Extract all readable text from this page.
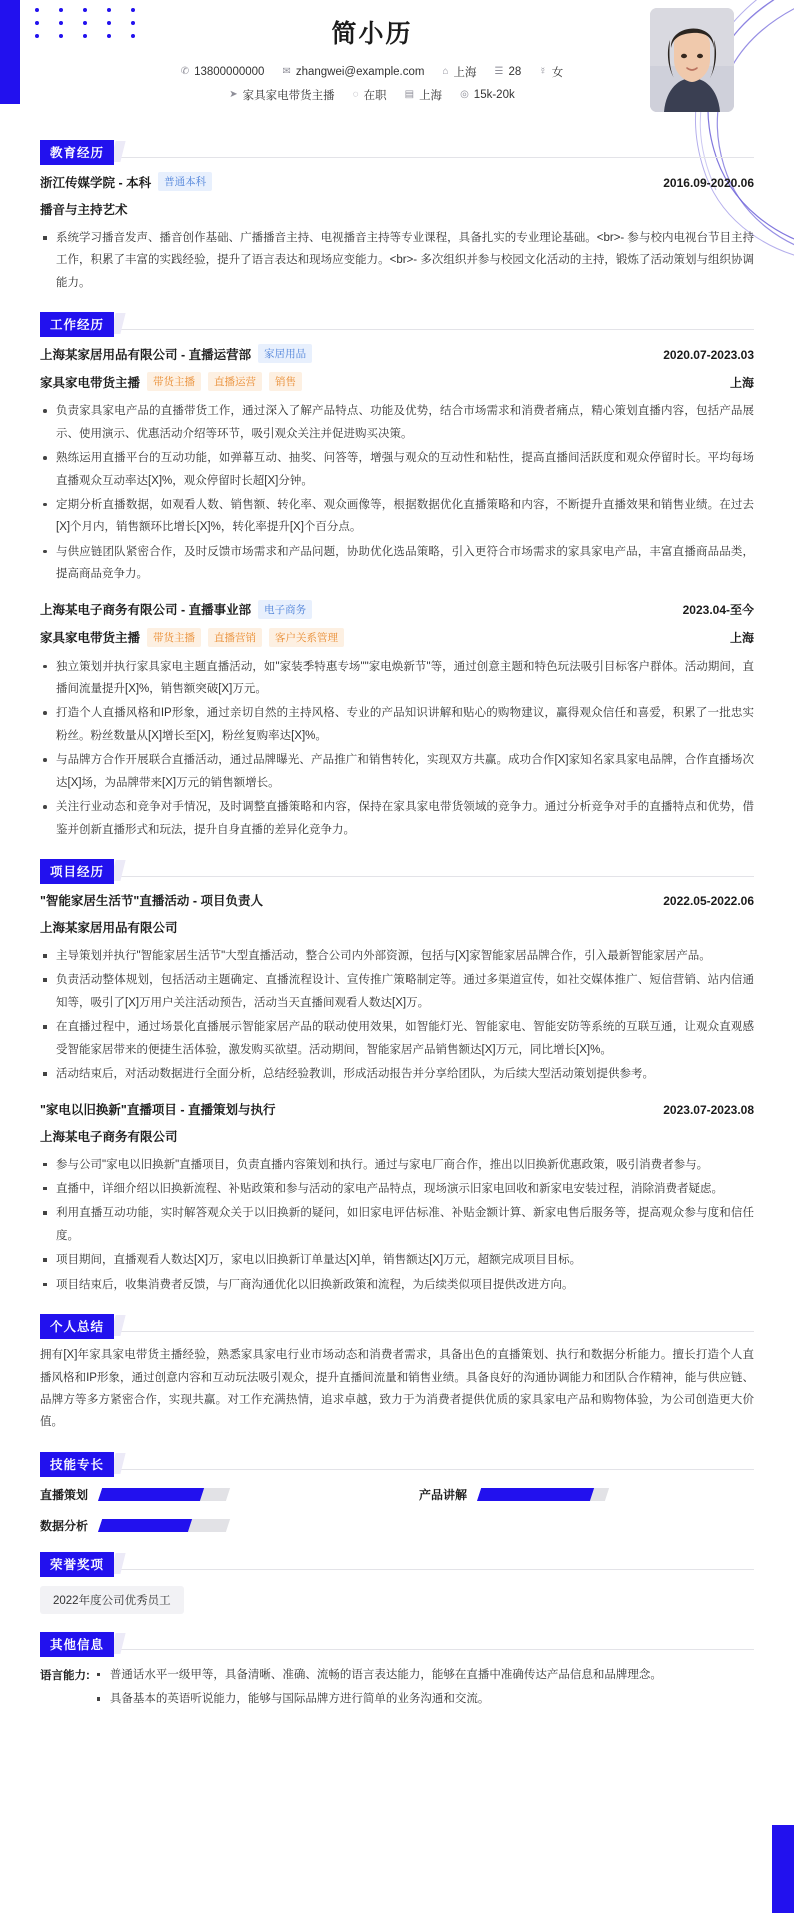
简小历
✆ 13800000000 ✉ zhangwei@example.com ⌂ 上海 ☰ 28 ☿ 女
➤ 家具家电带货主播 ◌ 在职 ▤ 上海 ◎ 15k-20k
教育经历
浙江传媒学院 - 本科	普通本科	2016.09-2020.06
播音与主持艺术
系统学习播音发声、播音创作基础、广播播音主持、电视播音主持等专业课程，具备扎实的专业理论基础。<br>- 参与校内电视台节目主持工作，积累了丰富的实践经验，提升了语言表达和现场应变能力。<br>- 多次组织并参与校园文化活动的主持，锻炼了活动策划与组织协调能力。
工作经历
上海某家居用品有限公司 - 直播运营部	家居用品	2020.07-2023.03
家具家电带货主播	带货主播	直播运营	销售	上海
负责家具家电产品的直播带货工作，通过深入了解产品特点、功能及优势，结合市场需求和消费者痛点，精心策划直播内容，包括产品展示、使用演示、优惠活动介绍等环节，吸引观众关注并促进购买决策。
熟练运用直播平台的互动功能，如弹幕互动、抽奖、问答等，增强与观众的互动性和粘性，提高直播间活跃度和观众停留时长。平均每场直播观众互动率达[X]%，观众停留时长超[X]分钟。
定期分析直播数据，如观看人数、销售额、转化率、观众画像等，根据数据优化直播策略和内容，不断提升直播效果和销售业绩。在过去[X]个月内，销售额环比增长[X]%，转化率提升[X]个百分点。
与供应链团队紧密合作，及时反馈市场需求和产品问题，协助优化选品策略，引入更符合市场需求的家具家电产品，丰富直播商品品类，提高商品竞争力。
上海某电子商务有限公司 - 直播事业部	电子商务	2023.04-至今
家具家电带货主播	带货主播	直播营销	客户关系管理	上海
独立策划并执行家具家电主题直播活动，如"家装季特惠专场""家电焕新节"等，通过创意主题和特色玩法吸引目标客户群体。活动期间，直播间流量提升[X]%，销售额突破[X]万元。
打造个人直播风格和IP形象，通过亲切自然的主持风格、专业的产品知识讲解和贴心的购物建议，赢得观众信任和喜爱，积累了一批忠实粉丝。粉丝数量从[X]增长至[X]，粉丝复购率达[X]%。
与品牌方合作开展联合直播活动，通过品牌曝光、产品推广和销售转化，实现双方共赢。成功合作[X]家知名家具家电品牌，合作直播场次达[X]场，为品牌带来[X]万元的销售额增长。
关注行业动态和竞争对手情况，及时调整直播策略和内容，保持在家具家电带货领域的竞争力。通过分析竞争对手的直播特点和优势，借鉴并创新直播形式和玩法，提升自身直播的差异化竞争力。
项目经历
"智能家居生活节"直播活动 - 项目负责人	2022.05-2022.06
上海某家居用品有限公司
主导策划并执行"智能家居生活节"大型直播活动，整合公司内外部资源，包括与[X]家智能家居品牌合作，引入最新智能家居产品。
负责活动整体规划，包括活动主题确定、直播流程设计、宣传推广策略制定等。通过多渠道宣传，如社交媒体推广、短信营销、站内信通知等，吸引了[X]万用户关注活动预告，活动当天直播间观看人数达[X]万。
在直播过程中，通过场景化直播展示智能家居产品的联动使用效果，如智能灯光、智能家电、智能安防等系统的互联互通，让观众直观感受智能家居带来的便捷生活体验，激发购买欲望。活动期间，智能家居产品销售额达[X]万元，同比增长[X]%。
活动结束后，对活动数据进行全面分析，总结经验教训，形成活动报告并分享给团队，为后续大型活动策划提供参考。
"家电以旧换新"直播项目 - 直播策划与执行	2023.07-2023.08
上海某电子商务有限公司
参与公司"家电以旧换新"直播项目，负责直播内容策划和执行。通过与家电厂商合作，推出以旧换新优惠政策，吸引消费者参与。
直播中，详细介绍以旧换新流程、补贴政策和参与活动的家电产品特点，现场演示旧家电回收和新家电安装过程，消除消费者疑虑。
利用直播互动功能，实时解答观众关于以旧换新的疑问，如旧家电评估标准、补贴金额计算、新家电售后服务等，提高观众参与度和信任度。
项目期间，直播观看人数达[X]万，家电以旧换新订单量达[X]单，销售额达[X]万元，超额完成项目目标。
项目结束后，收集消费者反馈，与厂商沟通优化以旧换新政策和流程，为后续类似项目提供改进方向。
个人总结
拥有[X]年家具家电带货主播经验，熟悉家具家电行业市场动态和消费者需求，具备出色的直播策划、执行和数据分析能力。擅长打造个人直播风格和IP形象，通过创意内容和互动玩法吸引观众，提升直播间流量和销售业绩。具备良好的沟通协调能力和团队合作精神，能与供应链、品牌方等多方紧密合作，实现共赢。对工作充满热情，追求卓越，致力于为消费者提供优质的家具家电产品和购物体验，为公司创造更大价值。
技能专长
直播策划	产品讲解
数据分析
荣誉奖项
2022年度公司优秀员工
其他信息
语言能力:	普通话水平一级甲等，具备清晰、准确、流畅的语言表达能力，能够在直播中准确传达产品信息和品牌理念。
具备基本的英语听说能力，能够与国际品牌方进行简单的业务沟通和交流。
